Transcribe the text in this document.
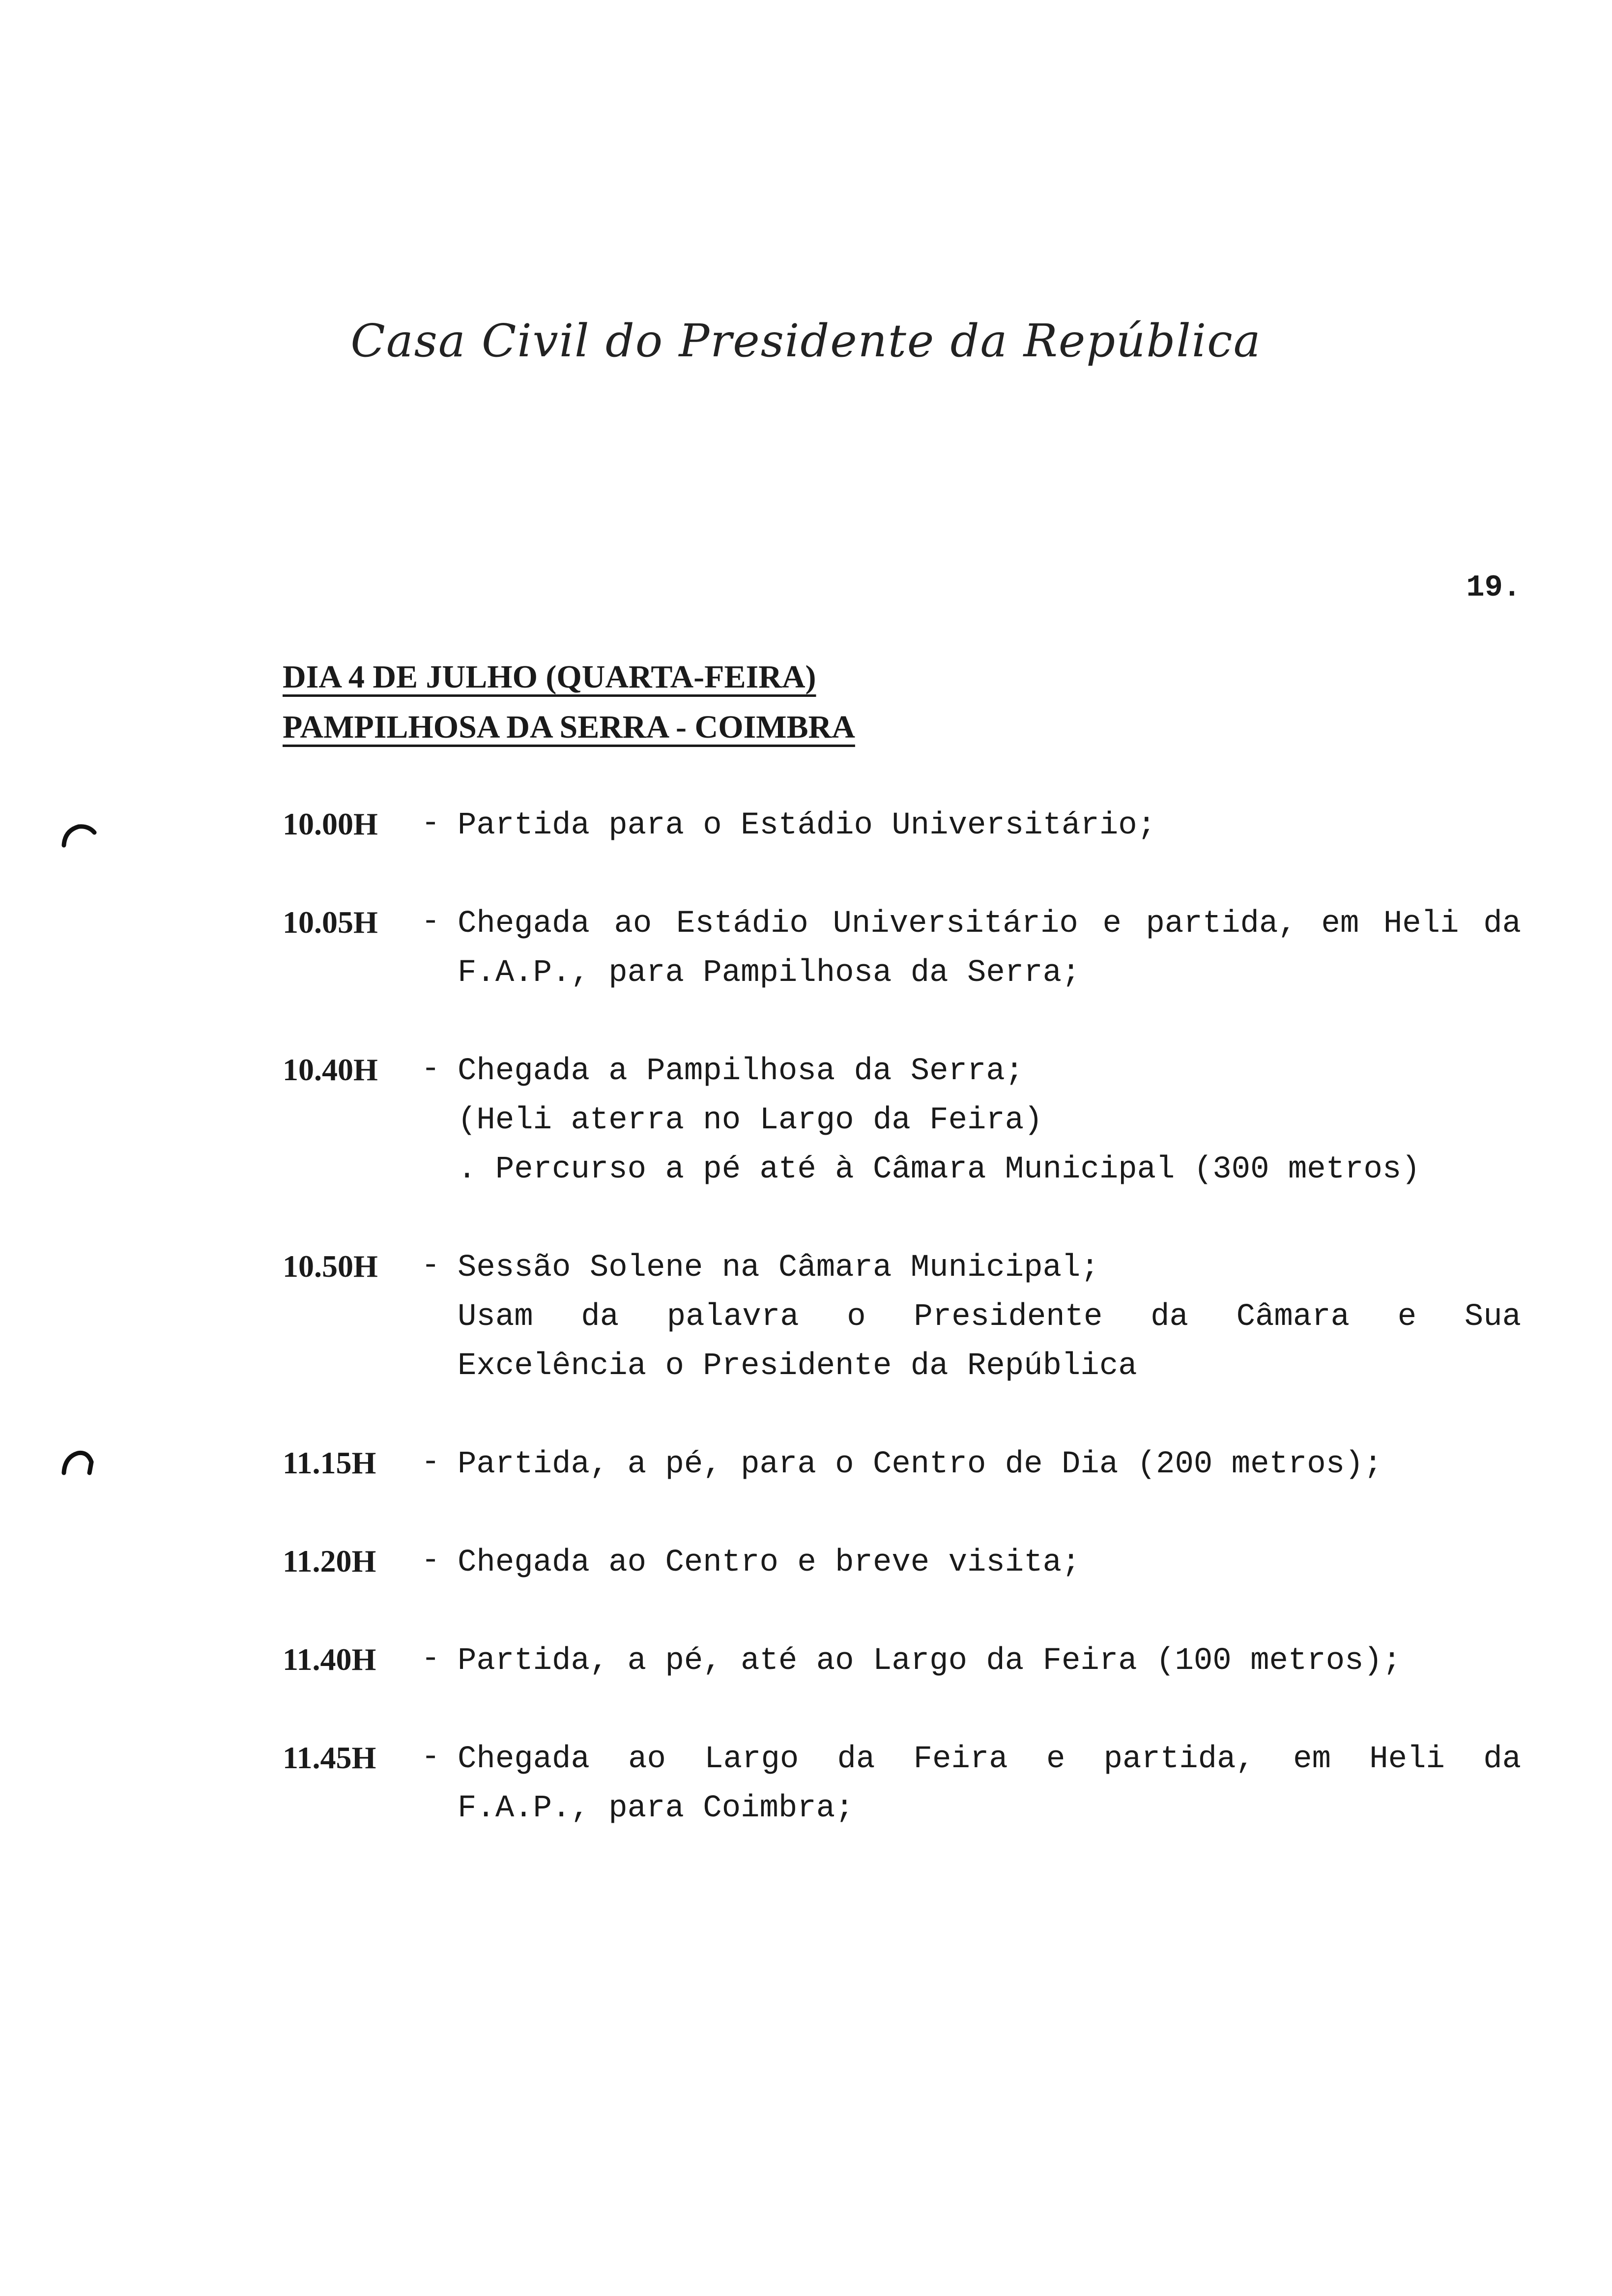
Casa Civil do Presidente da República
19.
DIA 4 DE JULHO (QUARTA-FEIRA)
PAMPILHOSA DA SERRA - COIMBRA
10.00H - Partida para o Estádio Universitário;
10.05H - Chegada ao Estádio Universitário e partida, em Heli da
F.A.P., para Pampilhosa da Serra;
10.40H - Chegada a Pampilhosa da Serra;
(Heli aterra no Largo da Feira)
. Percurso a pé até à Câmara Municipal (300 metros)
10.50H - Sessão Solene na Câmara Municipal;
Usam da palavra o Presidente da Câmara e Sua
Excelência o Presidente da República
11.15H - Partida, a pé, para o Centro de Dia (200 metros);
11.20H - Chegada ao Centro e breve visita;
11.40H - Partida, a pé, até ao Largo da Feira (100 metros);
11.45H - Chegada ao Largo da Feira e partida, em Heli da
F.A.P., para Coimbra;
